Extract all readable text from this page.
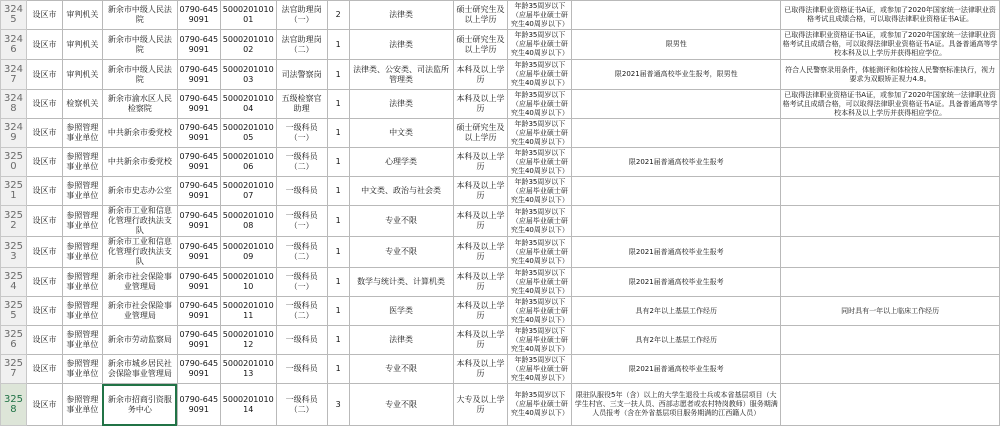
3245	设区市	审判机关	新余市中级人民法院	0790-6459091	500020101001	法官助理岗（一）	2	法律类	硕士研究生及以上学历	年龄35周岁以下（应届毕业硕士研究生40周岁以下）		已取得法律职业资格证书A证，或参加了2020年国家统一法律职业资格考试且成绩合格，可以取得法律职业资格证书A证。
3246	设区市	审判机关	新余市中级人民法院	0790-6459091	500020101002	法官助理岗（二）	1	法律类	硕士研究生及以上学历	年龄35周岁以下（应届毕业硕士研究生40周岁以下）	限男性	已取得法律职业资格证书A证，或参加了2020年国家统一法律职业资格考试且成绩合格，可以取得法律职业资格证书A证。具备普通高等学校本科及以上学历并获得相应学位。
3247	设区市	审判机关	新余市中级人民法院	0790-6459091	500020101003	司法警察岗	1	法律类、公安类、司法监所管理类	本科及以上学历	年龄35周岁以下（应届毕业硕士研究生40周岁以下）	限2021届普通高校毕业生报考，限男性	符合人民警察录用条件，体能测评和体检按人民警察标准执行，视力要求为双眼矫正视力4.8。
3248	设区市	检察机关	新余市渝水区人民检察院	0790-6459091	500020101004	五级检察官助理	1	法律类	本科及以上学历	年龄35周岁以下（应届毕业硕士研究生40周岁以下）		已取得法律职业资格证书A证，或参加了2020年国家统一法律职业资格考试且成绩合格，可以取得法律职业资格证书A证。具备普通高等学校本科及以上学历并获得相应学位。
3249	设区市	参照管理事业单位	中共新余市委党校	0790-6459091	500020101005	一级科员（一）	1	中文类	硕士研究生及以上学历	年龄35周岁以下（应届毕业硕士研究生40周岁以下）		
3250	设区市	参照管理事业单位	中共新余市委党校	0790-6459091	500020101006	一级科员（二）	1	心理学类	本科及以上学历	年龄35周岁以下（应届毕业硕士研究生40周岁以下）	限2021届普通高校毕业生报考	
3251	设区市	参照管理事业单位	新余市史志办公室	0790-6459091	500020101007	一级科员	1	中文类、政治与社会类	本科及以上学历	年龄35周岁以下（应届毕业硕士研究生40周岁以下）		
3252	设区市	参照管理事业单位	新余市工业和信息化管理行政执法支队	0790-6459091	500020101008	一级科员（一）	1	专业不限	本科及以上学历	年龄35周岁以下（应届毕业硕士研究生40周岁以下）		
3253	设区市	参照管理事业单位	新余市工业和信息化管理行政执法支队	0790-6459091	500020101009	一级科员（二）	1	专业不限	本科及以上学历	年龄35周岁以下（应届毕业硕士研究生40周岁以下）	限2021届普通高校毕业生报考	
3254	设区市	参照管理事业单位	新余市社会保险事业管理局	0790-6459091	500020101010	一级科员（一）	1	数学与统计类、计算机类	本科及以上学历	年龄35周岁以下（应届毕业硕士研究生40周岁以下）	限2021届普通高校毕业生报考	
3255	设区市	参照管理事业单位	新余市社会保险事业管理局	0790-6459091	500020101011	一级科员（二）	1	医学类	本科及以上学历	年龄35周岁以下（应届毕业硕士研究生40周岁以下）	具有2年以上基层工作经历	同时具有一年以上临床工作经历
3256	设区市	参照管理事业单位	新余市劳动监察局	0790-6459091	500020101012	一级科员	1	法律类	本科及以上学历	年龄35周岁以下（应届毕业硕士研究生40周岁以下）	具有2年以上基层工作经历	
3257	设区市	参照管理事业单位	新余市城乡居民社会保险事业管理局	0790-6459091	500020101013	一级科员	1	专业不限	本科及以上学历	年龄35周岁以下（应届毕业硕士研究生40周岁以下）	限2021届普通高校毕业生报考	
3258	设区市	参照管理事业单位	新余市招商引资服务中心	0790-6459091	500020101014	一级科员（二）	3	专业不限	大专及以上学历	年龄35周岁以下（应届毕业硕士研究生40周岁以下）	限驻队服役5年（含）以上的大学生退役士兵或本省基层项目（大学生村官、三支一扶人员、西部志愿者或农村特岗教师）服务期满人员报考（含在外省基层项目服务期满的江西籍人员）	
